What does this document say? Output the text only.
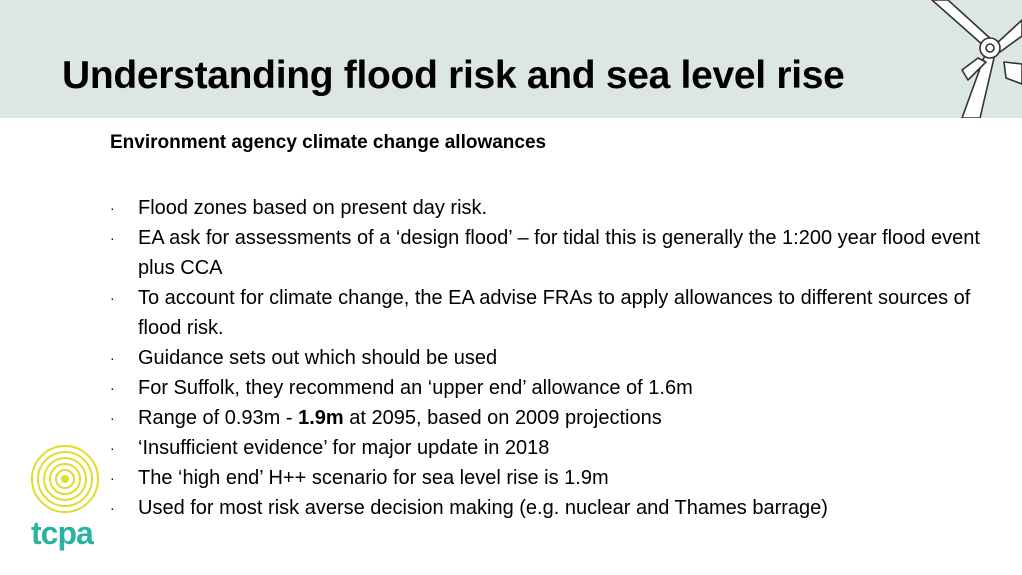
Understanding flood risk and sea level rise
Environment agency climate change allowances
· Flood zones based on present day risk.
· EA ask for assessments of a ‘design flood’ – for tidal this is generally the 1:200 year flood event plus CCA
· To account for climate change, the EA advise FRAs to apply allowances to different sources of flood risk.
· Guidance sets out which should be used
· For Suffolk, they recommend an ‘upper end’ allowance of 1.6m
· Range of 0.93m - 1.9m at 2095, based on 2009 projections
· ‘Insufficient evidence’ for major update in 2018
· The ‘high end’ H++ scenario for sea level rise is 1.9m
· Used for most risk averse decision making (e.g. nuclear and Thames barrage)
tcpa
